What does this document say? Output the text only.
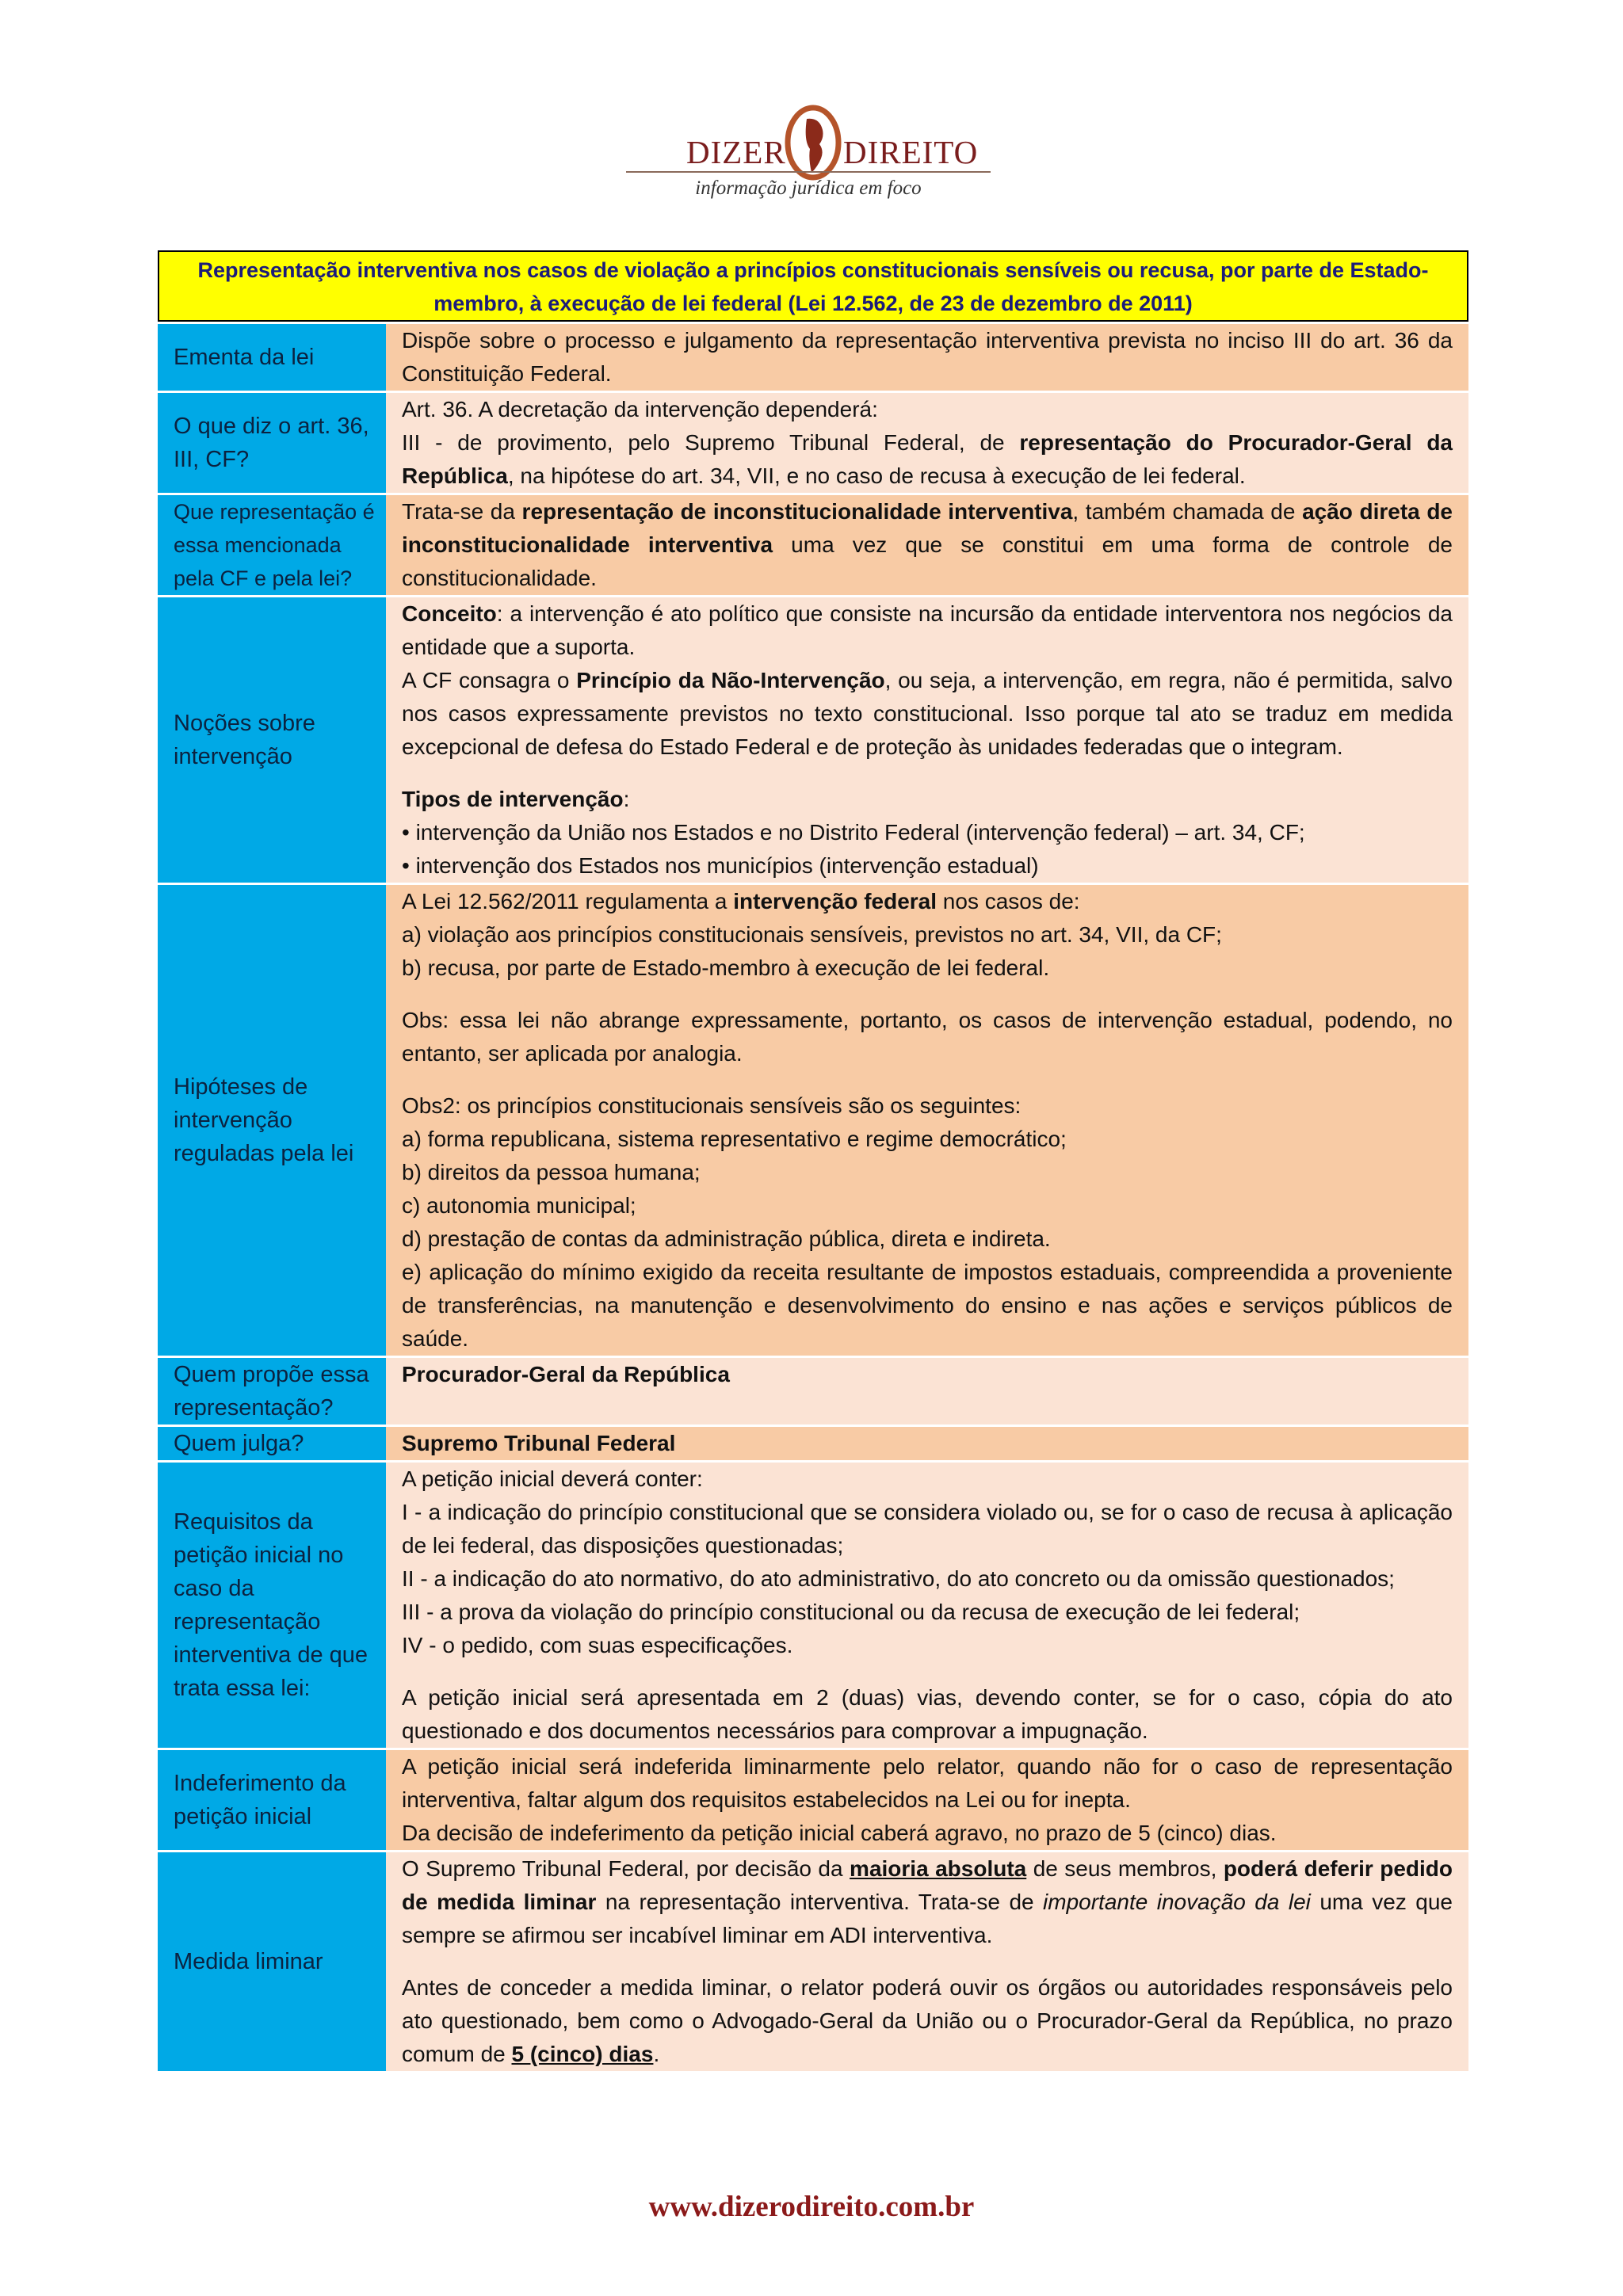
DIZER DIREITO
informação jurídica em foco
Representação interventiva nos casos de violação a princípios constitucionais sensíveis ou recusa, por parte de Estado-membro, à execução de lei federal (Lei 12.562, de 23 de dezembro de 2011)
Ementa da lei
Dispõe sobre o processo e julgamento da representação interventiva prevista no inciso III do art. 36 da Constituição Federal.
O que diz o art. 36, III, CF?
Art. 36. A decretação da intervenção dependerá:
III - de provimento, pelo Supremo Tribunal Federal, de representação do Procurador-Geral da República, na hipótese do art. 34, VII, e no caso de recusa à execução de lei federal.
Que representação é essa mencionada pela CF e pela lei?
Trata-se da representação de inconstitucionalidade interventiva, também chamada de ação direta de inconstitucionalidade interventiva uma vez que se constitui em uma forma de controle de constitucionalidade.
Noções sobre intervenção
Conceito: a intervenção é ato político que consiste na incursão da entidade interventora nos negócios da entidade que a suporta.
A CF consagra o Princípio da Não-Intervenção, ou seja, a intervenção, em regra, não é permitida, salvo nos casos expressamente previstos no texto constitucional. Isso porque tal ato se traduz em medida excepcional de defesa do Estado Federal e de proteção às unidades federadas que o integram.
Tipos de intervenção:
• intervenção da União nos Estados e no Distrito Federal (intervenção federal) – art. 34, CF;
• intervenção dos Estados nos municípios (intervenção estadual)
Hipóteses de intervenção reguladas pela lei
A Lei 12.562/2011 regulamenta a intervenção federal nos casos de:
a) violação aos princípios constitucionais sensíveis, previstos no art. 34, VII, da CF;
b) recusa, por parte de Estado-membro à execução de lei federal.
Obs: essa lei não abrange expressamente, portanto, os casos de intervenção estadual, podendo, no entanto, ser aplicada por analogia.
Obs2: os princípios constitucionais sensíveis são os seguintes:
a) forma republicana, sistema representativo e regime democrático;
b) direitos da pessoa humana;
c) autonomia municipal;
d) prestação de contas da administração pública, direta e indireta.
e) aplicação do mínimo exigido da receita resultante de impostos estaduais, compreendida a proveniente de transferências, na manutenção e desenvolvimento do ensino e nas ações e serviços públicos de saúde.
Quem propõe essa representação?
Procurador-Geral da República
Quem julga?	Supremo Tribunal Federal
Requisitos da petição inicial no caso da representação interventiva de que trata essa lei:
A petição inicial deverá conter:
I - a indicação do princípio constitucional que se considera violado ou, se for o caso de recusa à aplicação de lei federal, das disposições questionadas;
II - a indicação do ato normativo, do ato administrativo, do ato concreto ou da omissão questionados;
III - a prova da violação do princípio constitucional ou da recusa de execução de lei federal;
IV - o pedido, com suas especificações.
A petição inicial será apresentada em 2 (duas) vias, devendo conter, se for o caso, cópia do ato questionado e dos documentos necessários para comprovar a impugnação.
Indeferimento da petição inicial
A petição inicial será indeferida liminarmente pelo relator, quando não for o caso de representação interventiva, faltar algum dos requisitos estabelecidos na Lei ou for inepta.
Da decisão de indeferimento da petição inicial caberá agravo, no prazo de 5 (cinco) dias.
Medida liminar
O Supremo Tribunal Federal, por decisão da maioria absoluta de seus membros, poderá deferir pedido de medida liminar na representação interventiva. Trata-se de importante inovação da lei uma vez que sempre se afirmou ser incabível liminar em ADI interventiva.
Antes de conceder a medida liminar, o relator poderá ouvir os órgãos ou autoridades responsáveis pelo ato questionado, bem como o Advogado-Geral da União ou o Procurador-Geral da República, no prazo comum de 5 (cinco) dias.
www.dizerodireito.com.br
